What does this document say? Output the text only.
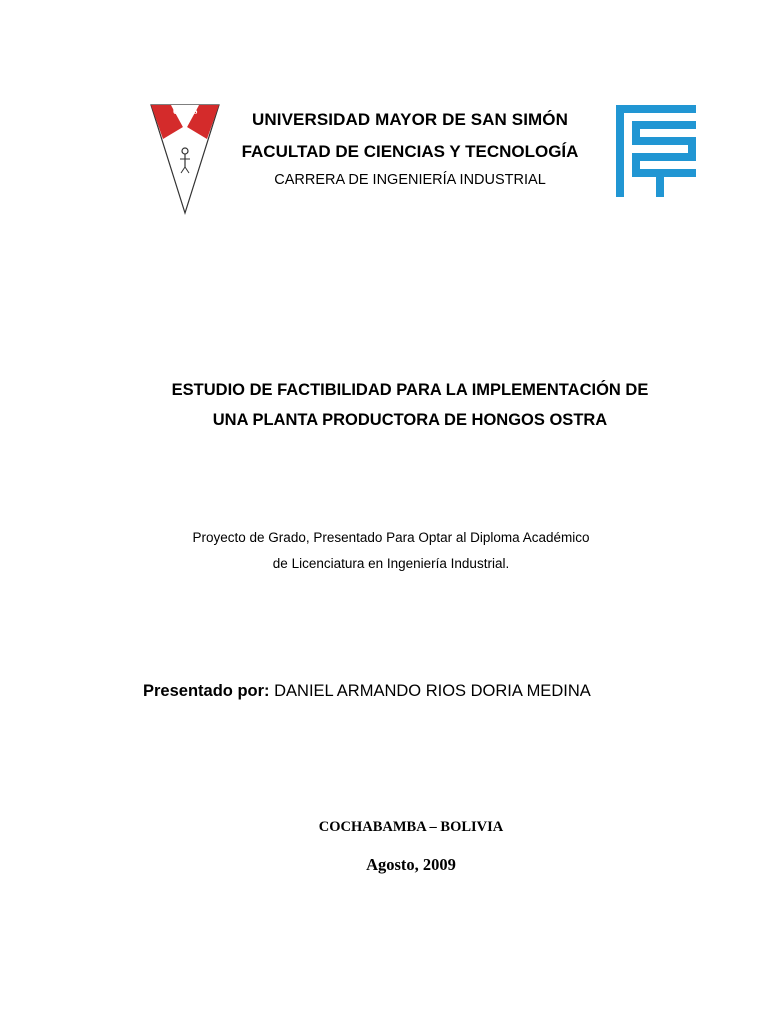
UMSS	UNIVERSIDAD MAYOR DE SAN SIMÓN
FACULTAD DE CIENCIAS Y TECNOLOGÍA
CARRERA DE INGENIERÍA INDUSTRIAL
ESTUDIO DE FACTIBILIDAD PARA LA IMPLEMENTACIÓN DE
UNA PLANTA PRODUCTORA DE HONGOS OSTRA
Proyecto de Grado, Presentado Para Optar al Diploma Académico
de Licenciatura en Ingeniería Industrial.
Presentado por: DANIEL ARMANDO RIOS DORIA MEDINA
COCHABAMBA – BOLIVIA
Agosto, 2009
